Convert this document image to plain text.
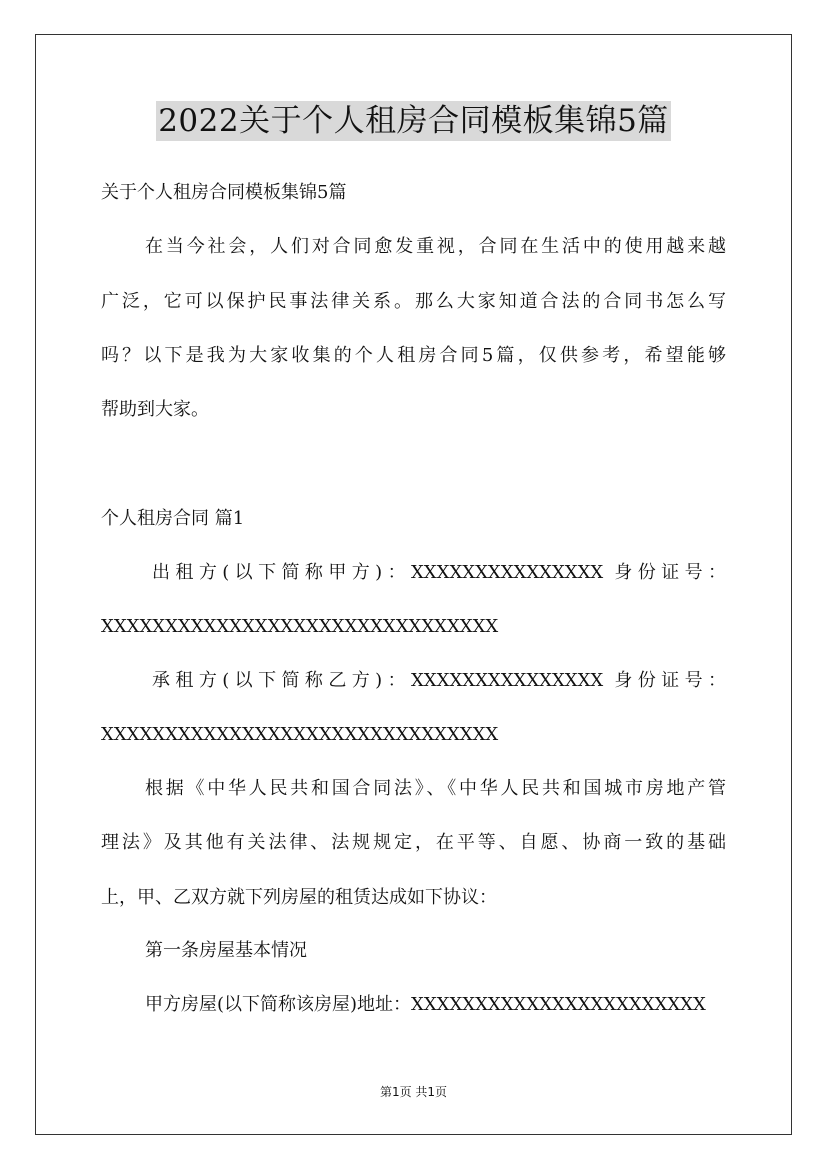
2022关于个人租房合同模板集锦5篇
关于个人租房合同模板集锦5篇
在当今社会，人们对合同愈发重视，合同在生活中的使用越来越
广泛，它可以保护民事法律关系。那么大家知道合法的合同书怎么写
吗？以下是我为大家收集的个人租房合同5篇，仅供参考，希望能够
帮助到大家。
个人租房合同 篇1
出租方(以下简称甲方)：XXXXXXXXXXXXXXX 身份证号：
XXXXXXXXXXXXXXXXXXXXXXXXXXXXXXX
承租方(以下简称乙方)：XXXXXXXXXXXXXXX 身份证号：
XXXXXXXXXXXXXXXXXXXXXXXXXXXXXXX
根据《中华人民共和国合同法》、《中华人民共和国城市房地产管
理法》及其他有关法律、法规规定，在平等、自愿、协商一致的基础
上，甲、乙双方就下列房屋的租赁达成如下协议：
第一条房屋基本情况
甲方房屋(以下简称该房屋)地址：XXXXXXXXXXXXXXXXXXXXXXX
第1页 共1页
